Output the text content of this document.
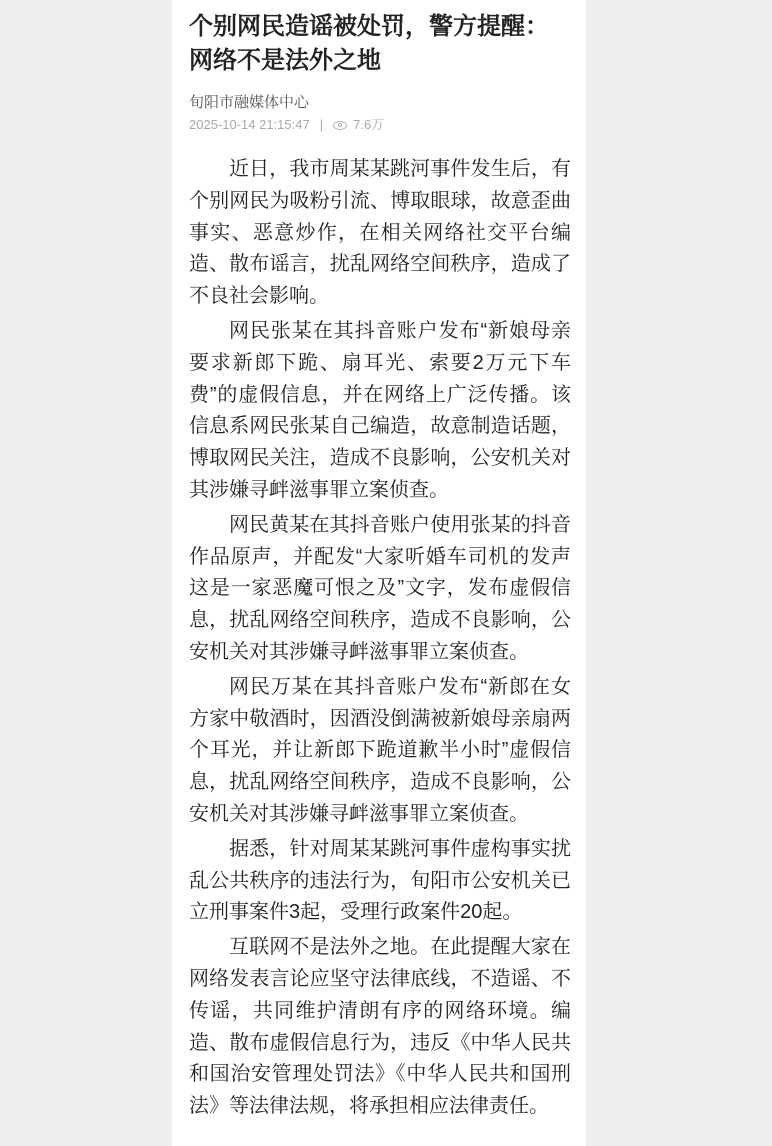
个别网民造谣被处罚，警方提醒：网络不是法外之地
旬阳市融媒体中心
2025-10-14 21:15:47 | 7.6万

近日，我市周某某跳河事件发生后，有个别网民为吸粉引流、博取眼球，故意歪曲事实、恶意炒作，在相关网络社交平台编造、散布谣言，扰乱网络空间秩序，造成了不良社会影响。

网民张某在其抖音账户发布“新娘母亲要求新郎下跪、扇耳光、索要2万元下车费”的虚假信息，并在网络上广泛传播。该信息系网民张某自己编造，故意制造话题，博取网民关注，造成不良影响，公安机关对其涉嫌寻衅滋事罪立案侦查。

网民黄某在其抖音账户使用张某的抖音作品原声，并配发“大家听婚车司机的发声这是一家恶魔可恨之及”文字，发布虚假信息，扰乱网络空间秩序，造成不良影响，公安机关对其涉嫌寻衅滋事罪立案侦查。

网民万某在其抖音账户发布“新郎在女方家中敬酒时，因酒没倒满被新娘母亲扇两个耳光，并让新郎下跪道歉半小时”虚假信息，扰乱网络空间秩序，造成不良影响，公安机关对其涉嫌寻衅滋事罪立案侦查。

据悉，针对周某某跳河事件虚构事实扰乱公共秩序的违法行为，旬阳市公安机关已立刑事案件3起，受理行政案件20起。

互联网不是法外之地。在此提醒大家在网络发表言论应坚守法律底线，不造谣、不传谣，共同维护清朗有序的网络环境。编造、散布虚假信息行为，违反《中华人民共和国治安管理处罚法》《中华人民共和国刑法》等法律法规，将承担相应法律责任。
